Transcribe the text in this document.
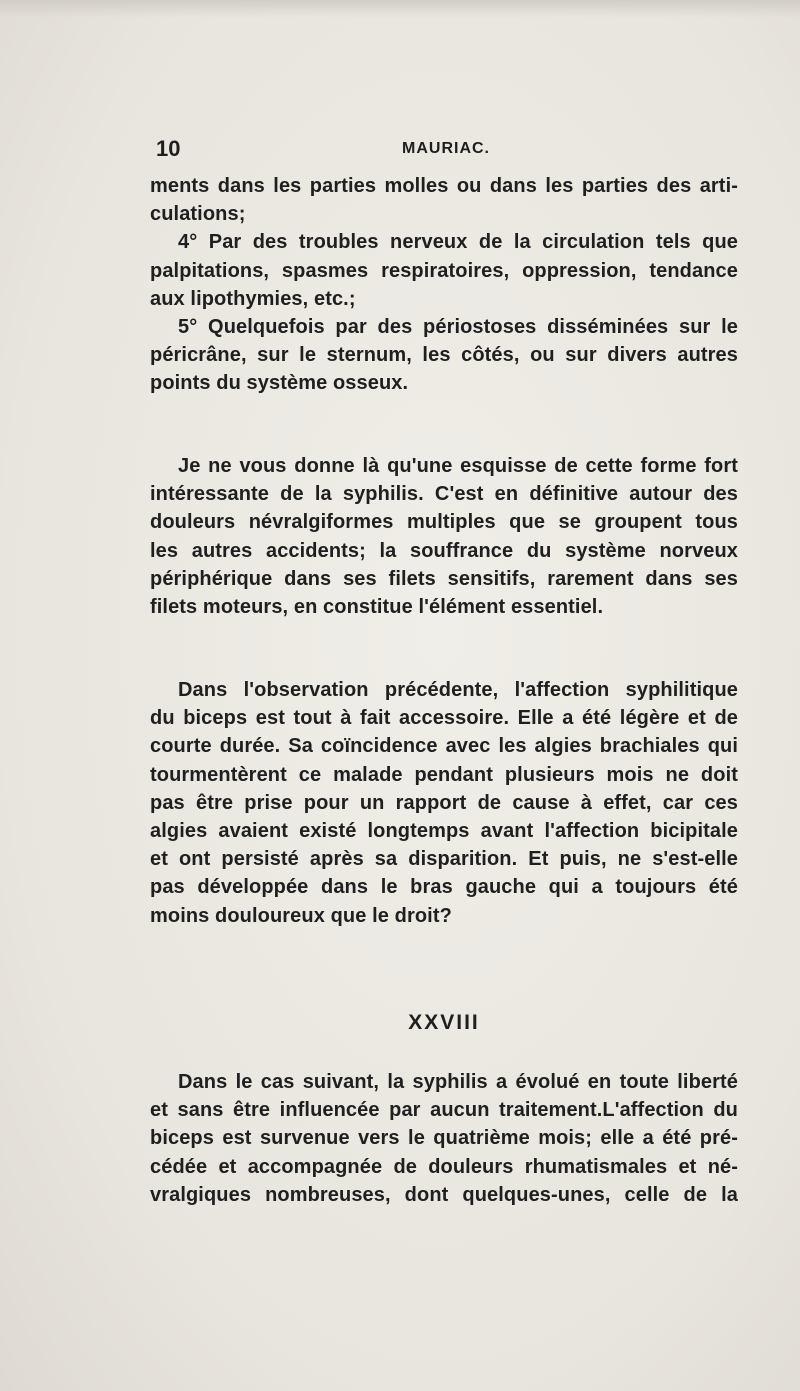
10	MAURIAC.
ments dans les parties molles ou dans les parties des arti-
culations;
4° Par des troubles nerveux de la circulation tels que
palpitations, spasmes respiratoires, oppression, tendance
aux lipothymies, etc.;
5° Quelquefois par des périostoses disséminées sur le
péricrâne, sur le sternum, les côtés, ou sur divers autres
points du système osseux.
Je ne vous donne là qu'une esquisse de cette forme fort
intéressante de la syphilis. C'est en définitive autour des
douleurs névralgiformes multiples que se groupent tous
les autres accidents; la souffrance du système norveux
périphérique dans ses filets sensitifs, rarement dans ses
filets moteurs, en constitue l'élément essentiel.
Dans l'observation précédente, l'affection syphilitique
du biceps est tout à fait accessoire. Elle a été légère et de
courte durée. Sa coïncidence avec les algies brachiales qui
tourmentèrent ce malade pendant plusieurs mois ne doit
pas être prise pour un rapport de cause à effet, car ces
algies avaient existé longtemps avant l'affection bicipitale
et ont persisté après sa disparition. Et puis, ne s'est-elle
pas développée dans le bras gauche qui a toujours été
moins douloureux que le droit?
XXVIII
Dans le cas suivant, la syphilis a évolué en toute liberté
et sans être influencée par aucun traitement.L'affection du
biceps est survenue vers le quatrième mois; elle a été pré-
cédée et accompagnée de douleurs rhumatismales et né-
vralgiques nombreuses, dont quelques-unes, celle de la
